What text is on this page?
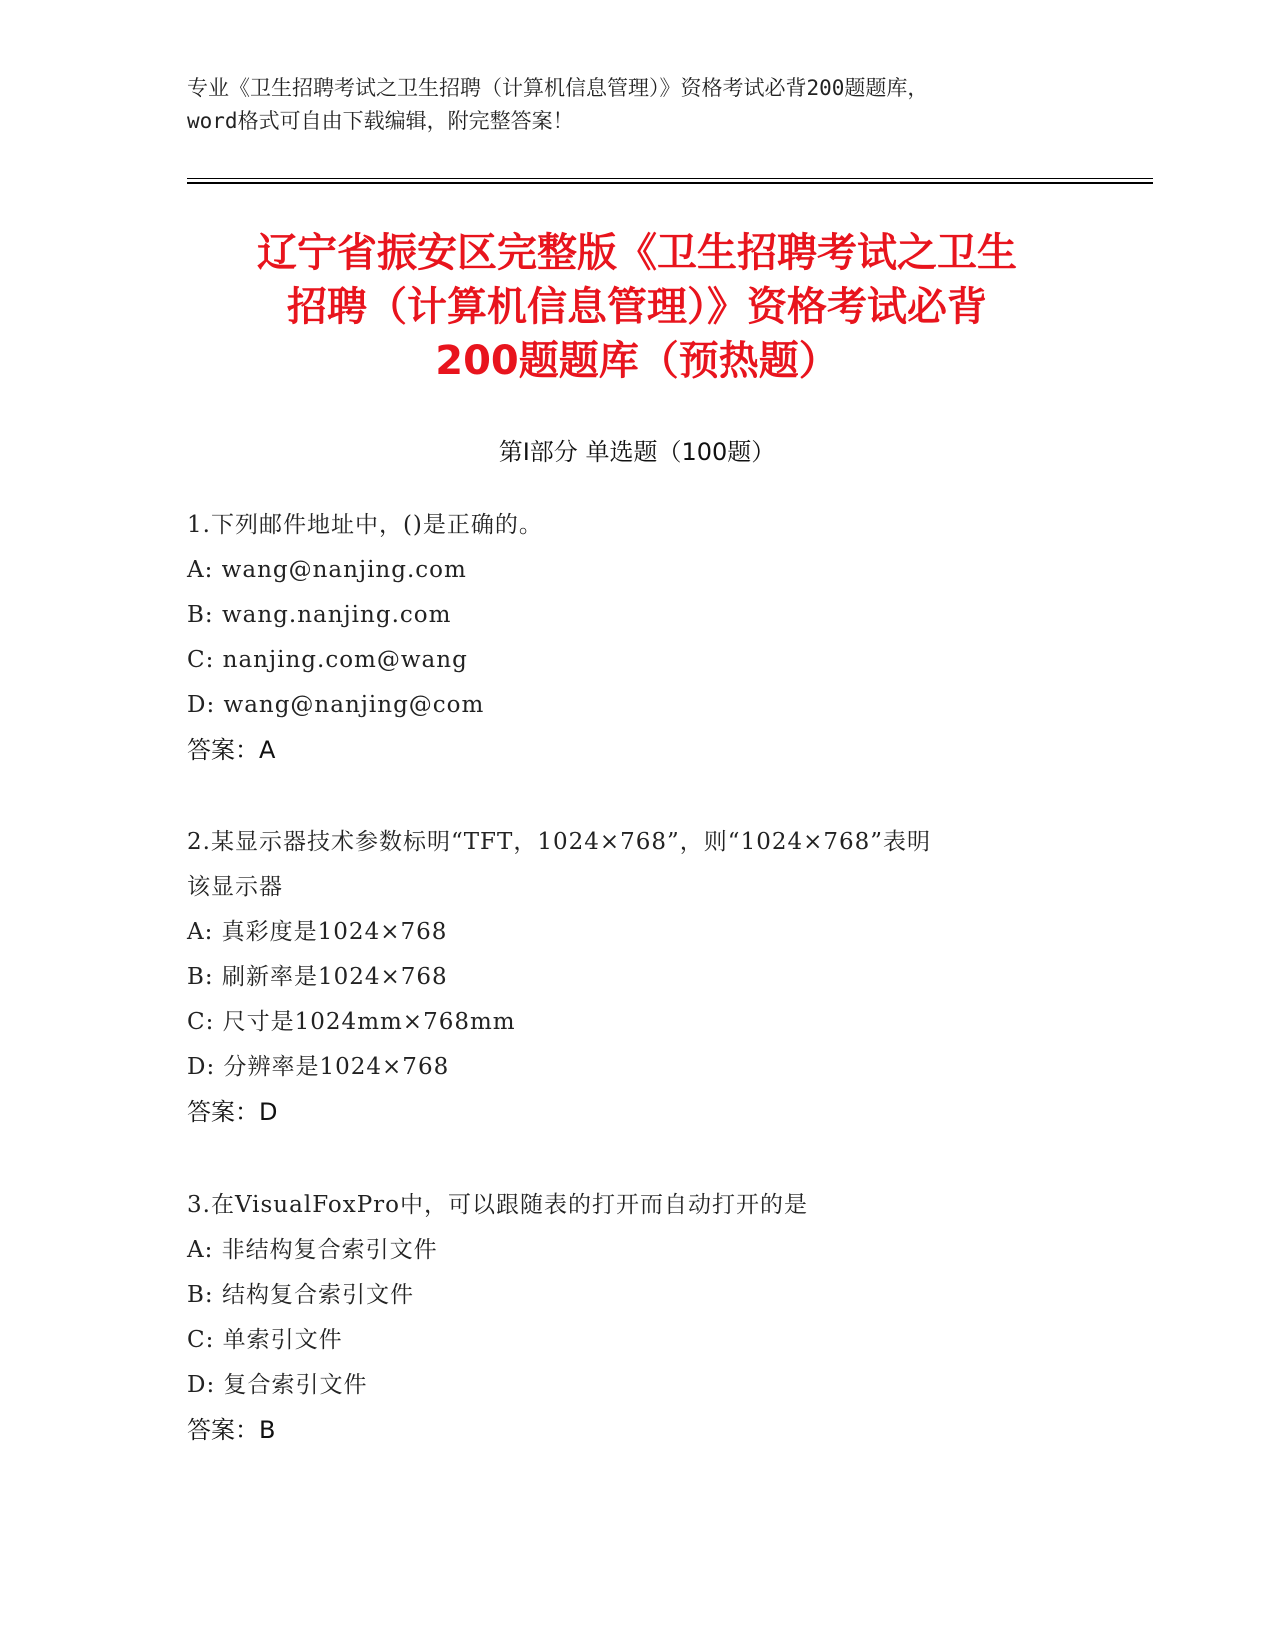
专业《卫生招聘考试之卫生招聘（计算机信息管理）》资格考试必背200题题库，
word格式可自由下载编辑，附完整答案！
辽宁省振安区完整版《卫生招聘考试之卫生
招聘（计算机信息管理）》资格考试必背
200题题库（预热题）
第Ⅰ部分 单选题（100题）
1.下列邮件地址中，()是正确的。
A: wang@nanjing.com
B: wang.nanjing.com
C: nanjing.com@wang
D: wang@nanjing@com
答案：A
2.某显示器技术参数标明“TFT，1024×768”，则“1024×768”表明
该显示器
A: 真彩度是1024×768
B: 刷新率是1024×768
C: 尺寸是1024mm×768mm
D: 分辨率是1024×768
答案：D
3.在VisualFoxPro中，可以跟随表的打开而自动打开的是
A: 非结构复合索引文件
B: 结构复合索引文件
C: 单索引文件
D: 复合索引文件
答案：B
